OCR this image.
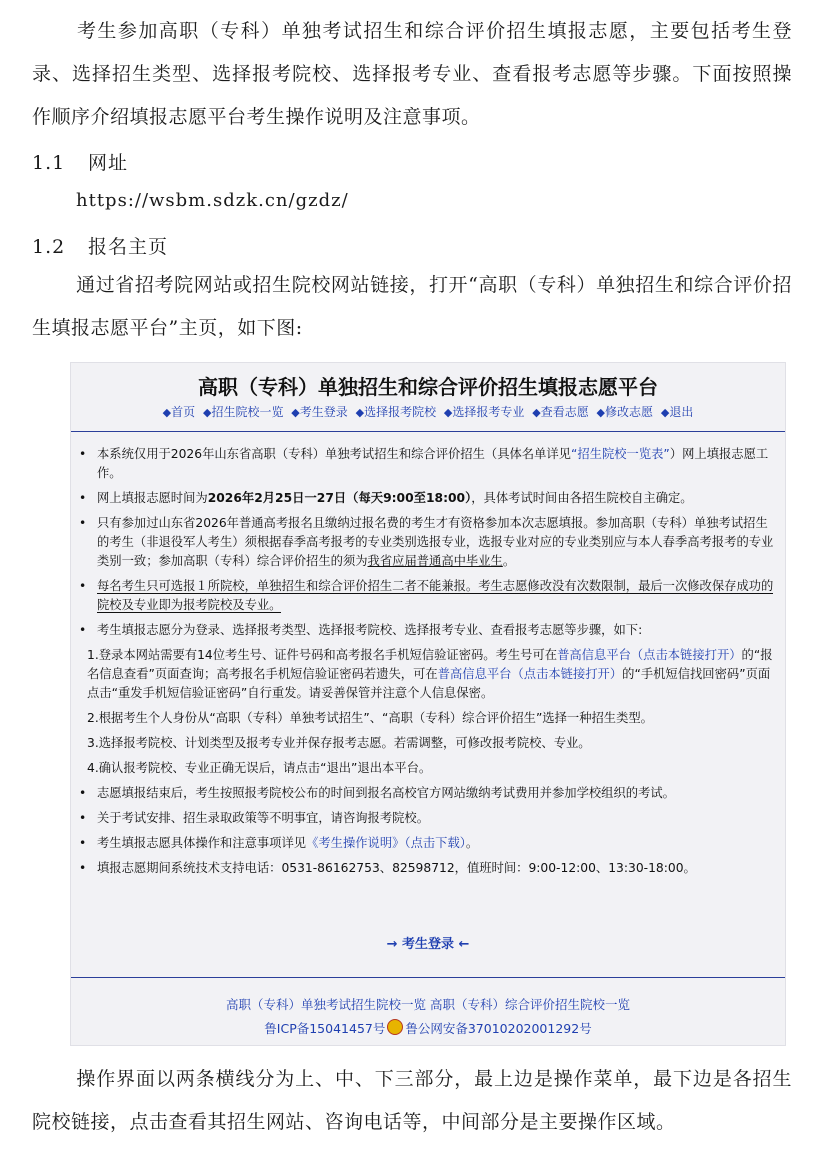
考生参加高职（专科）单独考试招生和综合评价招生填报志愿，主要包括考生登录、选择招生类型、选择报考院校、选择报考专业、查看报考志愿等步骤。下面按照操作顺序介绍填报志愿平台考生操作说明及注意事项。

1.1 网址
https://wsbm.sdzk.cn/gzdz/
1.2 报名主页

通过省招考院网站或招生院校网站链接，打开“高职（专科）单独招生和综合评价招生填报志愿平台”主页，如下图:

高职（专科）单独招生和综合评价招生填报志愿平台
◆首页 ◆招生院校一览 ◆考生登录 ◆选择报考院校 ◆选择报考专业 ◆查看志愿 ◆修改志愿 ◆退出
• 本系统仅用于2026年山东省高职（专科）单独考试招生和综合评价招生（具体名单详见“招生院校一览表”）网上填报志愿工作。
• 网上填报志愿时间为2026年2月25日一27日（每天9:00至18:00），具体考试时间由各招生院校自主确定。
• 只有参加过山东省2026年普通高考报名且缴纳过报名费的考生才有资格参加本次志愿填报。参加高职（专科）单独考试招生的考生（非退役军人考生）须根据春季高考报考的专业类别选报专业，选报专业对应的专业类别应与本人春季高考报考的专业类别一致；参加高职（专科）综合评价招生的须为我省应届普通高中毕业生。
• 每名考生只可选报１所院校，单独招生和综合评价招生二者不能兼报。考生志愿修改没有次数限制，最后一次修改保存成功的院校及专业即为报考院校及专业。
• 考生填报志愿分为登录、选择报考类型、选择报考院校、选择报考专业、查看报考志愿等步骤，如下:
1.登录本网站需要有14位考生号、证件号码和高考报名手机短信验证密码。考生号可在普高信息平台（点击本链接打开）的“报名信息查看”页面查询；高考报名手机短信验证密码若遗失，可在普高信息平台（点击本链接打开）的“手机短信找回密码”页面点击“重发手机短信验证密码”自行重发。请妥善保管并注意个人信息保密。
2.根据考生个人身份从“高职（专科）单独考试招生”、“高职（专科）综合评价招生”选择一种招生类型。
3.选择报考院校、计划类型及报考专业并保存报考志愿。若需调整，可修改报考院校、专业。
4.确认报考院校、专业正确无误后，请点击“退出”退出本平台。
• 志愿填报结束后，考生按照报考院校公布的时间到报名高校官方网站缴纳考试费用并参加学校组织的考试。
• 关于考试安排、招生录取政策等不明事宜，请咨询报考院校。
• 考生填报志愿具体操作和注意事项详见《考生操作说明》（点击下载）。
• 填报志愿期间系统技术支持电话：0531-86162753、82598712，值班时间：9:00-12:00、13:30-18:00。
→ 考生登录 ←
高职（专科）单独考试招生院校一览 高职（专科）综合评价招生院校一览
鲁ICP备15041457号 鲁公网安备37010202001292号

操作界面以两条横线分为上、中、下三部分，最上边是操作菜单，最下边是各招生院校链接，点击查看其招生网站、咨询电话等，中间部分是主要操作区域。
